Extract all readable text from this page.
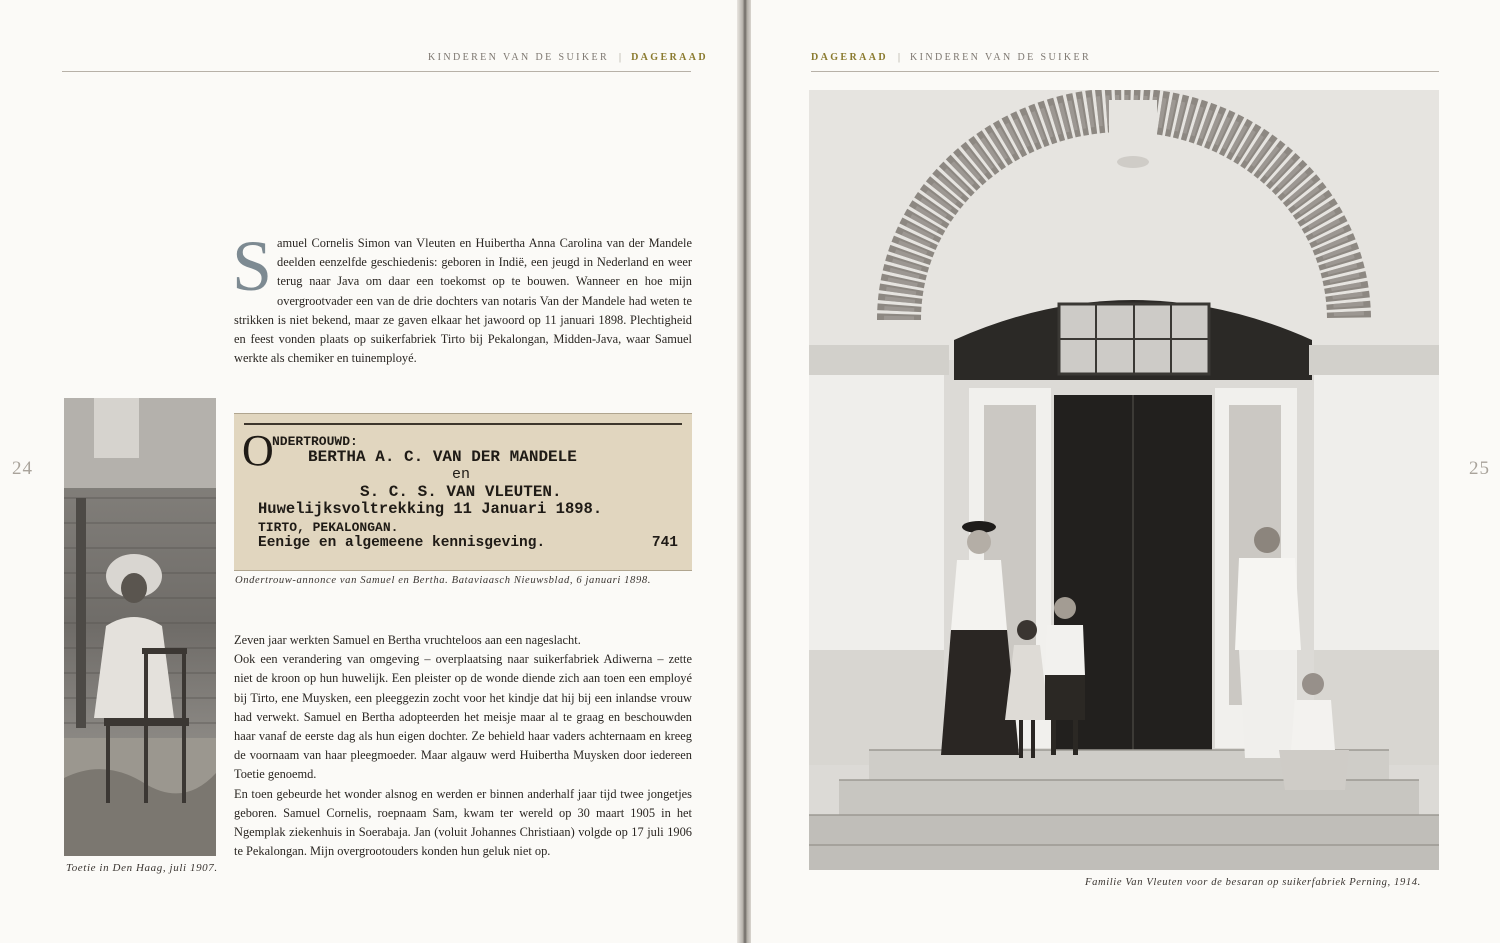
KINDEREN VAN DE SUIKER | DAGERAAD
24
S amuel Cornelis Simon van Vleuten en Huibertha Anna Carolina van der Mandele deelden eenzelfde geschiedenis: geboren in Indië, een jeugd in Nederland en weer terug naar Java om daar een toekomst op te bouwen. Wanneer en hoe mijn overgrootvader een van de drie dochters van notaris Van der Mandele had weten te strikken is niet bekend, maar ze gaven elkaar het jawoord op 11 januari 1898. Plechtigheid en feest vonden plaats op suikerfabriek Tirto bij Pekalongan, Midden-Java, waar Samuel werkte als chemiker en tuinemployé.

Toetie in Den Haag, juli 1907.
O
NDERTROUWD:
BERTHA A. C. VAN DER MANDELE
en
S. C. S. VAN VLEUTEN.
Huwelijksvoltrekking 11 Januari 1898.
TIRTO, PEKALONGAN.
Eenige en algemeene kennisgeving.	741
Ondertrouw-annonce van Samuel en Bertha. Bataviaasch Nieuwsblad, 6 januari 1898.

Zeven jaar werkten Samuel en Bertha vruchteloos aan een nageslacht.

Ook een verandering van omgeving – overplaatsing naar suikerfabriek Adiwerna – zette niet de kroon op hun huwelijk. Een pleister op de wonde diende zich aan toen een employé bij Tirto, ene Muysken, een pleeggezin zocht voor het kindje dat hij bij een inlandse vrouw had verwekt. Samuel en Bertha adopteerden het meisje maar al te graag en beschouwden haar vanaf de eerste dag als hun eigen dochter. Ze behield haar vaders achternaam en kreeg de voornaam van haar pleegmoeder. Maar algauw werd Huibertha Muysken door iedereen Toetie genoemd.

En toen gebeurde het wonder alsnog en werden er binnen anderhalf jaar tijd twee jongetjes geboren. Samuel Cornelis, roepnaam Sam, kwam ter wereld op 30 maart 1905 in het Ngemplak ziekenhuis in Soerabaja. Jan (voluit Johannes Christiaan) volgde op 17 juli 1906 te Pekalongan. Mijn overgrootouders konden hun geluk niet op.

DAGERAAD | KINDEREN VAN DE SUIKER
25
Familie Van Vleuten voor de besaran op suikerfabriek Perning, 1914.
